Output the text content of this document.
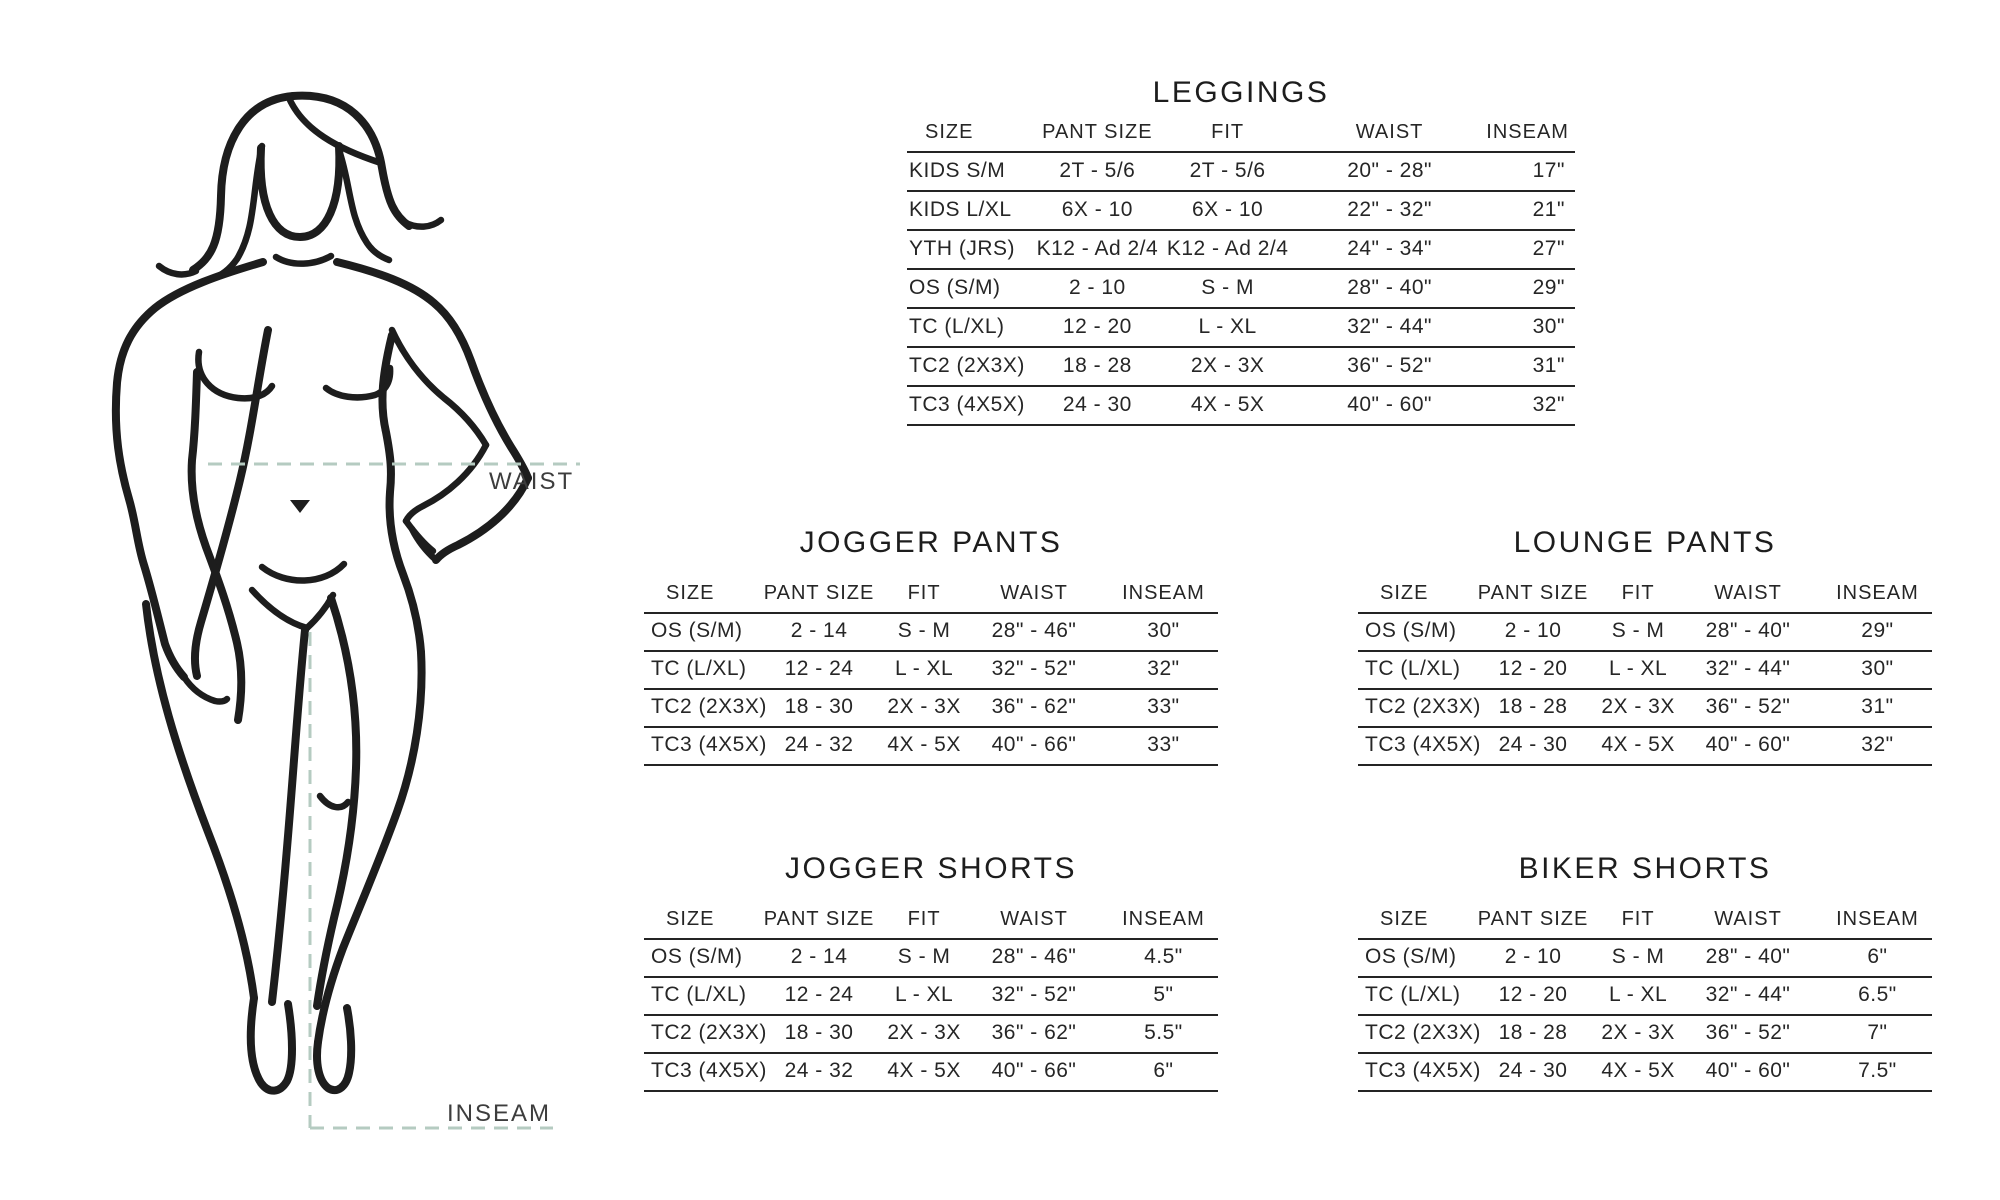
WAIST
INSEAM
LEGGINGS
SIZE	PANT SIZE	FIT	WAIST	INSEAM
KIDS S/M	2T - 5/6	2T - 5/6	20" - 28"	17"
KIDS L/XL	6X - 10	6X - 10	22" - 32"	21"
YTH (JRS)	K12 - Ad 2/4 K12 - Ad 2/4	24" - 34"	27"
OS (S/M)	2 - 10	S - M	28" - 40"	29"
TC (L/XL)	12 - 20	L - XL	32" - 44"	30"
TC2 (2X3X)	18 - 28	2X - 3X	36" - 52"	31"
TC3 (4X5X)	24 - 30	4X - 5X	40" - 60"	32"
JOGGER PANTS
SIZE	PANT SIZE	FIT	WAIST	INSEAM
OS (S/M)	2 - 14	S - M	28" - 46"	30"
TC (L/XL)	12 - 24	L - XL	32" - 52"	32"
TC2 (2X3X) 18 - 30	2X - 3X	36" - 62"	33"
TC3 (4X5X) 24 - 32	4X - 5X	40" - 66"	33"
LOUNGE PANTS
SIZE	PANT SIZE	FIT	WAIST	INSEAM
OS (S/M)	2 - 10	S - M	28" - 40"	29"
TC (L/XL)	12 - 20	L - XL	32" - 44"	30"
TC2 (2X3X) 18 - 28	2X - 3X	36" - 52"	31"
TC3 (4X5X) 24 - 30	4X - 5X	40" - 60"	32"
JOGGER SHORTS
SIZE	PANT SIZE	FIT	WAIST	INSEAM
OS (S/M)	2 - 14	S - M	28" - 46"	4.5"
TC (L/XL)	12 - 24	L - XL	32" - 52"	5"
TC2 (2X3X) 18 - 30	2X - 3X	36" - 62"	5.5"
TC3 (4X5X) 24 - 32	4X - 5X	40" - 66"	6"
BIKER SHORTS
SIZE	PANT SIZE	FIT	WAIST	INSEAM
OS (S/M)	2 - 10	S - M	28" - 40"	6"
TC (L/XL)	12 - 20	L - XL	32" - 44"	6.5"
TC2 (2X3X) 18 - 28	2X - 3X	36" - 52"	7"
TC3 (4X5X) 24 - 30	4X - 5X	40" - 60"	7.5"
